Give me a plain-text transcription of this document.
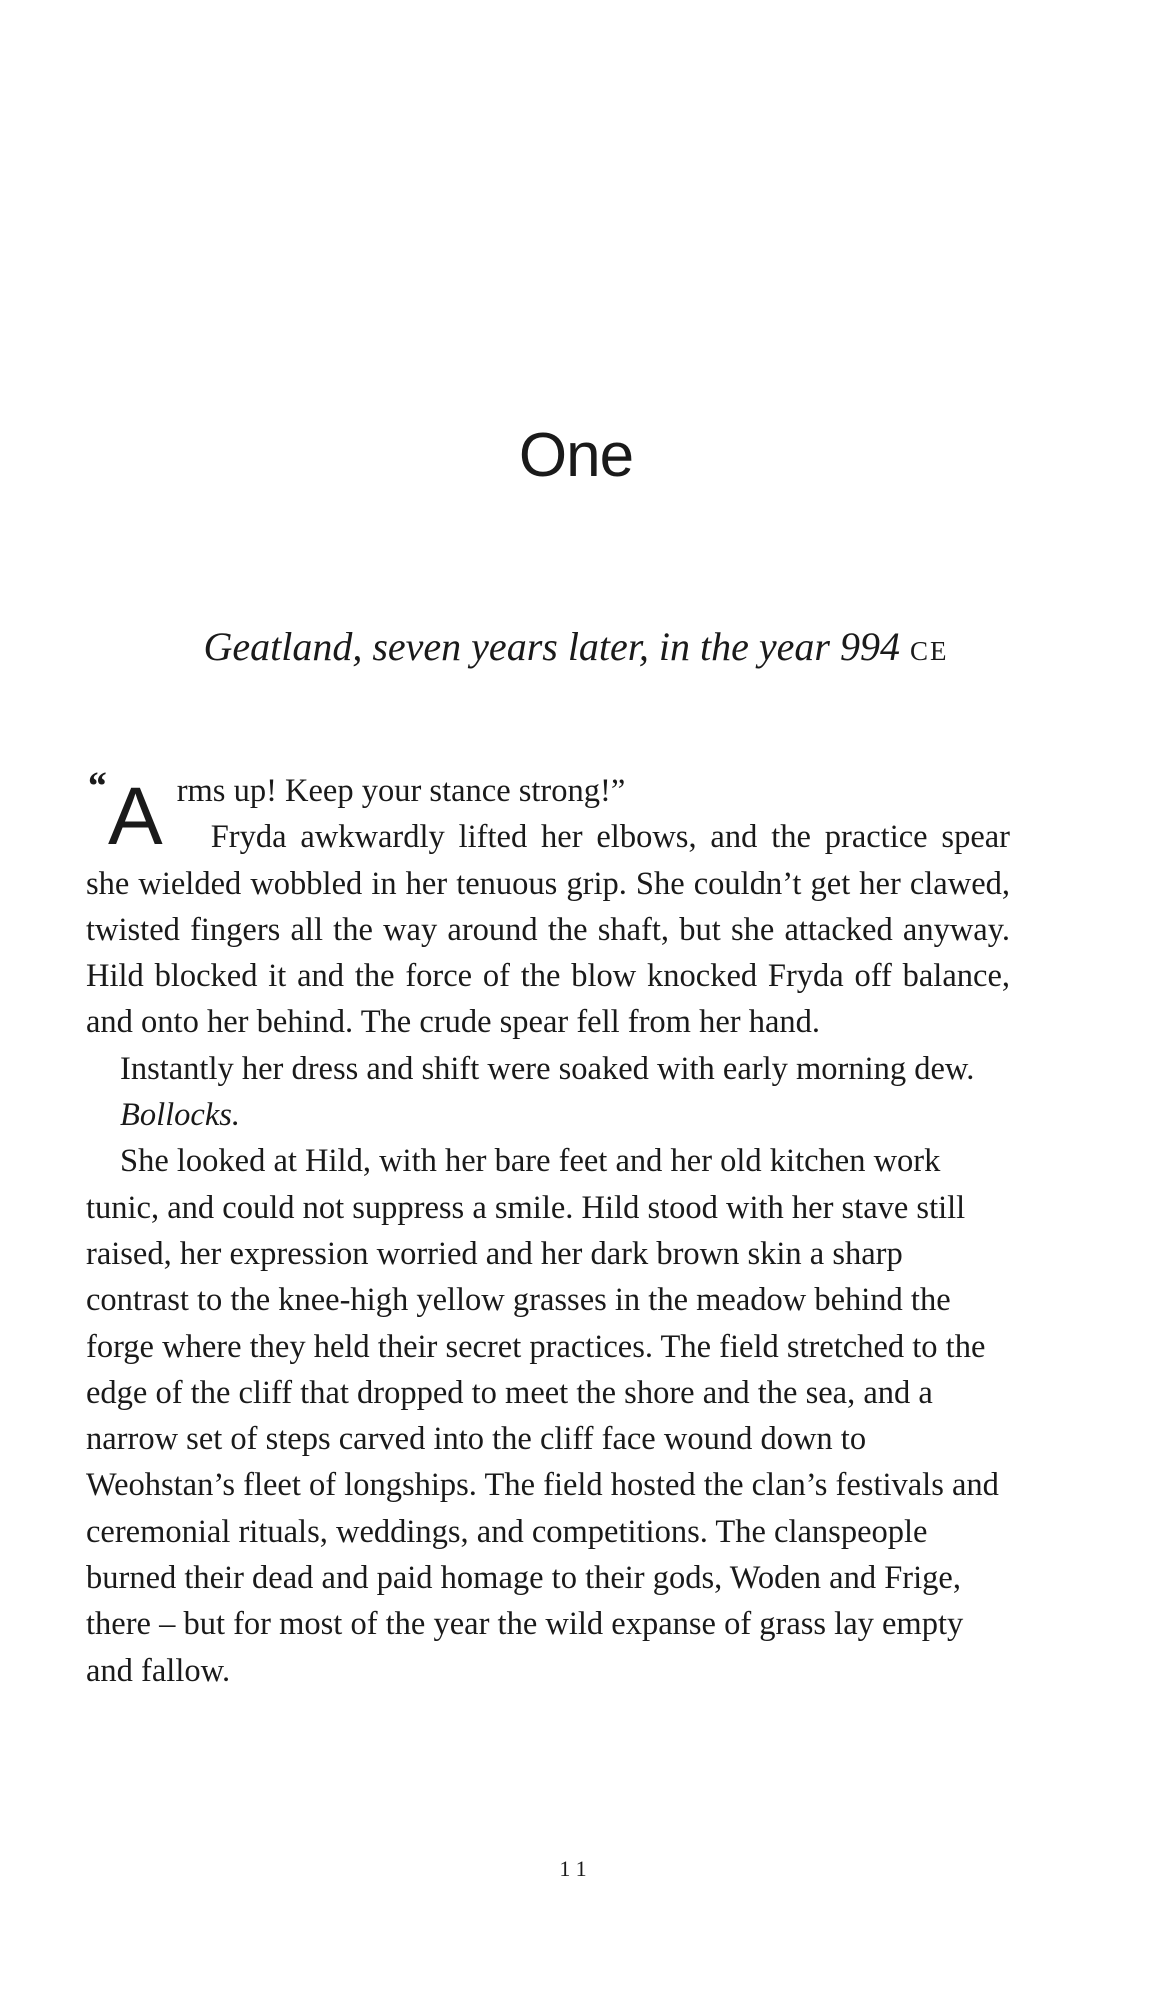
One
Geatland, seven years later, in the year 994 CE

“ A rms up! Keep your stance strong!”

Fryda awkwardly lifted her elbows, and the practice spear she wielded wobbled in her tenuous grip. She couldn’t get her clawed, twisted fingers all the way around the shaft, but she attacked anyway. Hild blocked it and the force of the blow knocked Fryda off balance, and onto her behind. The crude spear fell from her hand.

Instantly her dress and shift were soaked with early morning dew.

Bollocks.

She looked at Hild, with her bare feet and her old kitchen work tunic, and could not suppress a smile. Hild stood with her stave still raised, her expression worried and her dark brown skin a sharp contrast to the knee-high yellow grasses in the meadow behind the forge where they held their secret practices. The field stretched to the edge of the cliff that dropped to meet the shore and the sea, and a narrow set of steps carved into the cliff face wound down to Weohstan’s fleet of longships. The field hosted the clan’s festivals and ceremonial rituals, weddings, and competitions. The clanspeople burned their dead and paid homage to their gods, Woden and Frige, there – but for most of the year the wild expanse of grass lay empty and fallow.

11
